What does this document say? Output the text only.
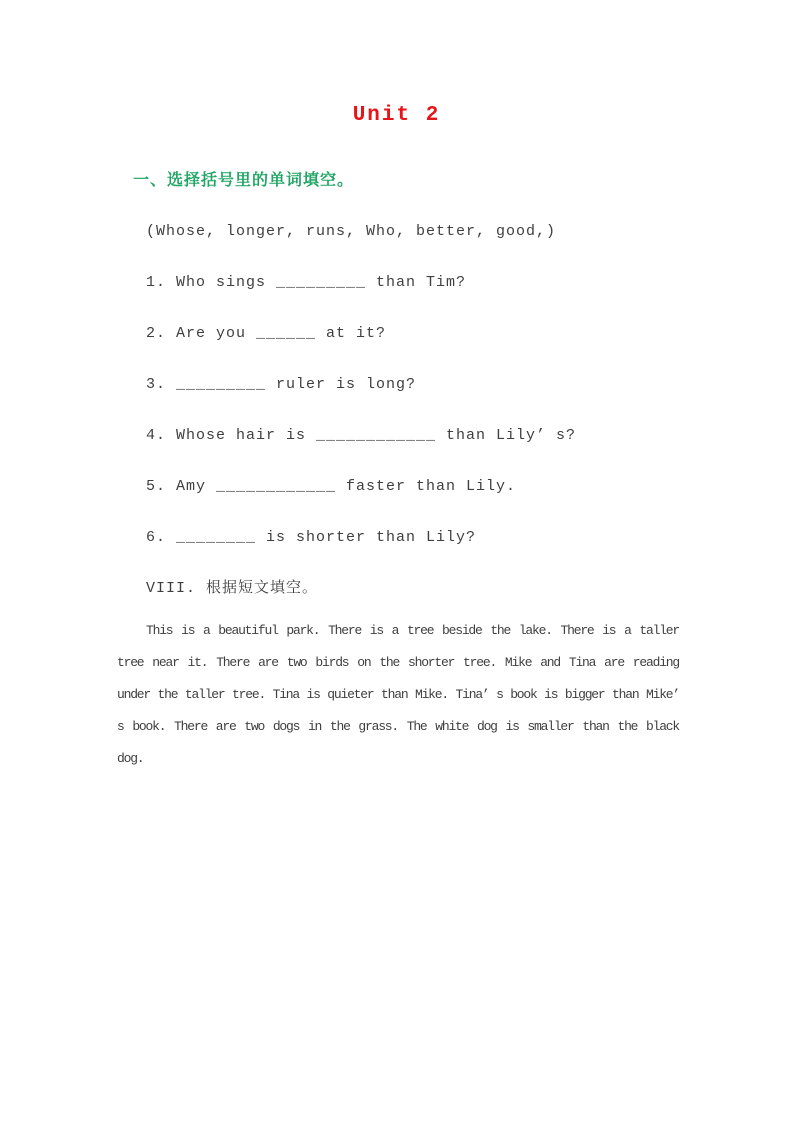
Unit 2
一、选择括号里的单词填空。
(Whose, longer, runs, Who, better, good,)
1. Who sings _________ than Tim?
2. Are you ______ at it?
3. _________ ruler is long?
4. Whose hair is ____________ than Lily’ s?
5. Amy ____________ faster than Lily.
6. ________ is shorter than Lily?
VIII. 根据短文填空。
This is a beautiful park. There is a tree beside the lake. There is a taller
tree near it. There are two birds on the shorter tree. Mike and Tina are reading
under the taller tree. Tina is quieter than Mike. Tina’ s book is bigger than Mike’
s book. There are two dogs in the grass. The white dog is smaller than the black
dog.
